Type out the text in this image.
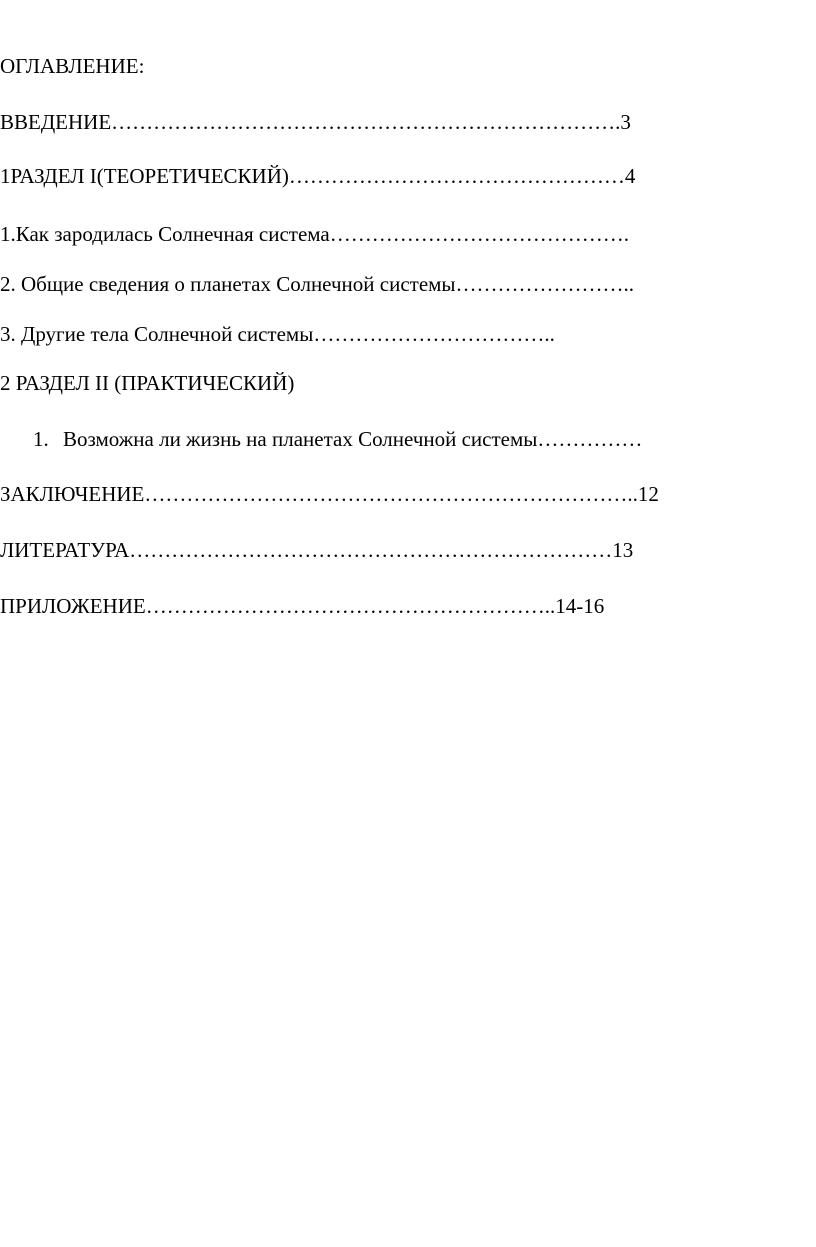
ОГЛАВЛЕНИЕ:

ВВЕДЕНИЕ……………………………………………………………….3

1РАЗДЕЛ I(ТЕОРЕТИЧЕСКИЙ)…………………………………………4

1.Как зародилась Солнечная система…………………………………….

2. Общие сведения о планетах Солнечной системы……………………..

3. Другие тела Солнечной системы……………………………..

2 РАЗДЕЛ II (ПРАКТИЧЕСКИЙ)

1. Возможна ли жизнь на планетах Солнечной системы……………

ЗАКЛЮЧЕНИЕ……………………………………………………………..12

ЛИТЕРАТУРА……………………………………………………………13

ПРИЛОЖЕНИЕ…………………………………………………..14-16
